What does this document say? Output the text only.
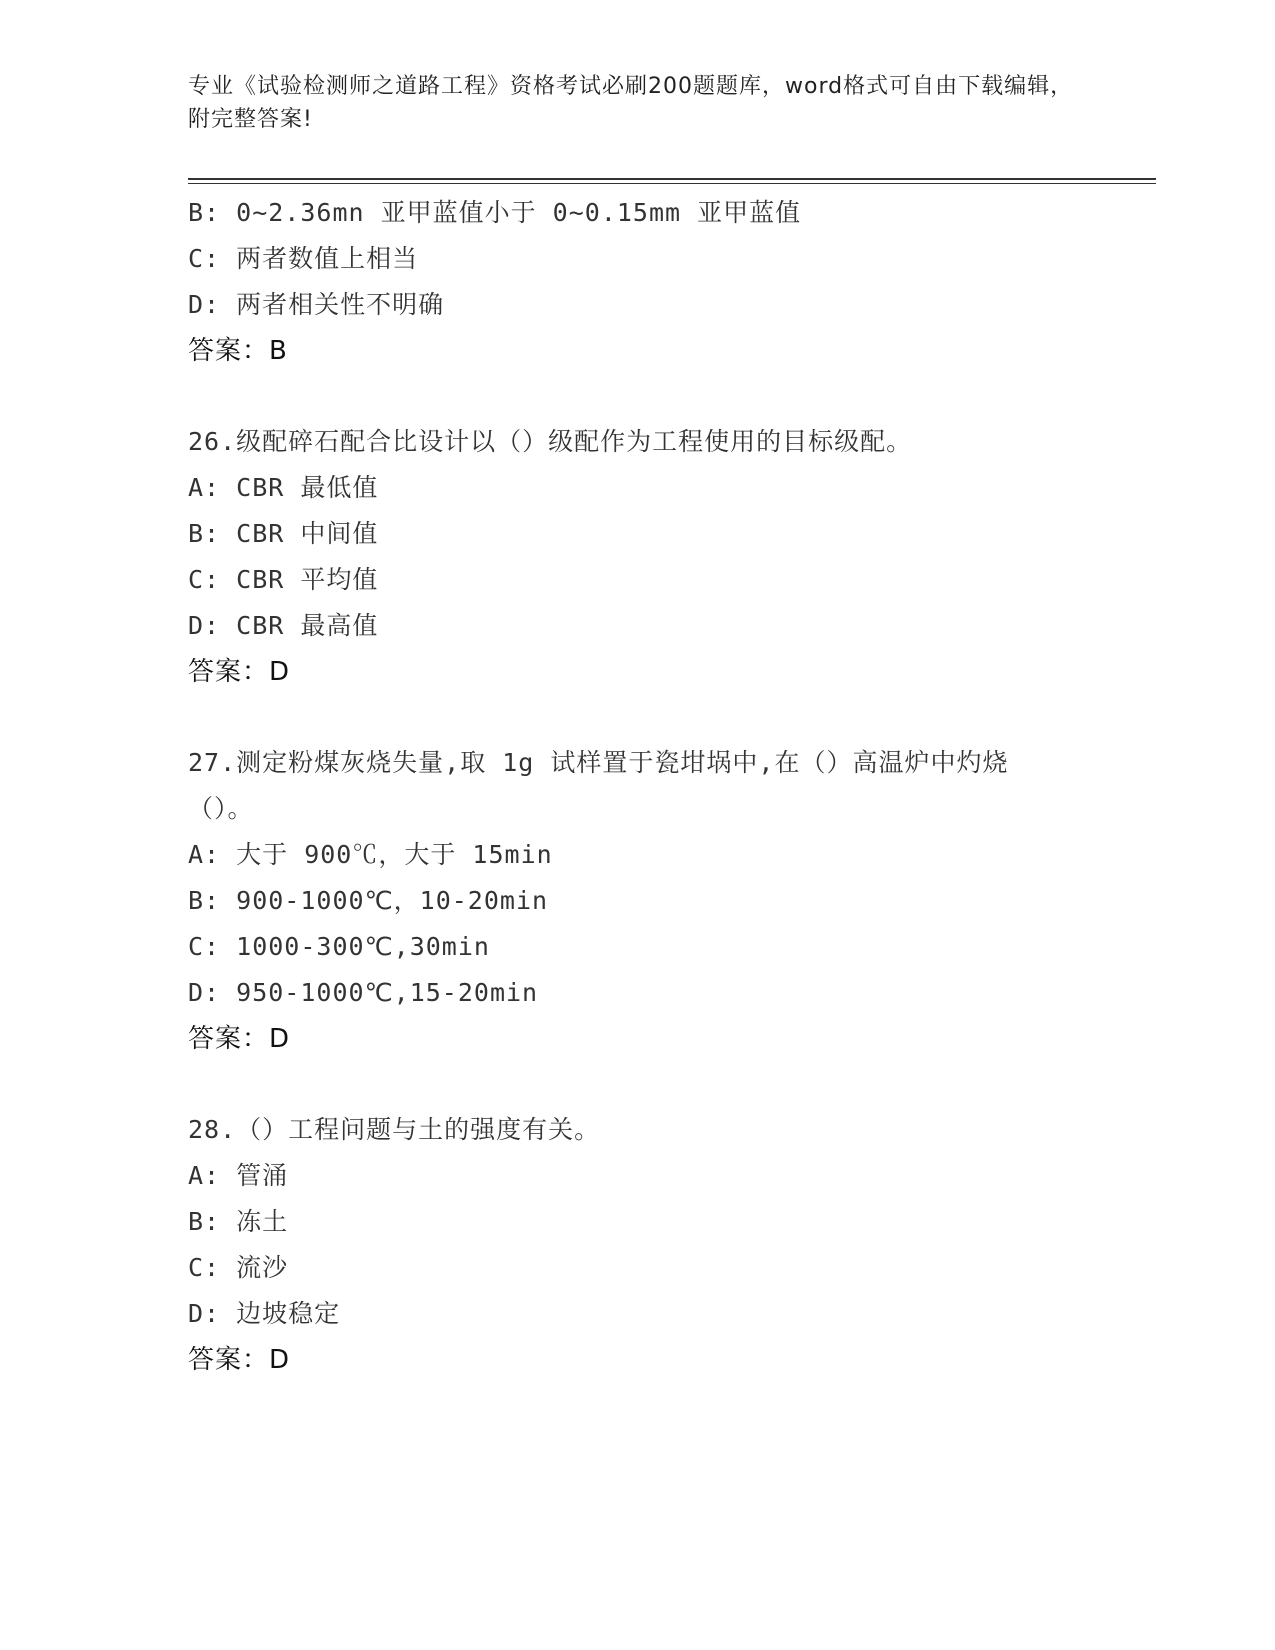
专业《试验检测师之道路工程》资格考试必刷200题题库，word格式可自由下载编辑，附完整答案!
B: 0~2.36mn 亚甲蓝值小于 0~0.15mm 亚甲蓝值
C: 两者数值上相当
D: 两者相关性不明确
答案：B
26.级配碎石配合比设计以（）级配作为工程使用的目标级配。
A: CBR 最低值
B: CBR 中间值
C: CBR 平均值
D: CBR 最高值
答案：D
27.测定粉煤灰烧失量,取 1g 试样置于瓷坩埚中,在（）高温炉中灼烧（）。
A: 大于 900℃，大于 15min
B: 900-1000℃，10-20min
C: 1000-300℃,30min
D: 950-1000℃,15-20min
答案：D
28.（）工程问题与土的强度有关。
A: 管涌
B: 冻土
C: 流沙
D: 边坡稳定
答案：D
